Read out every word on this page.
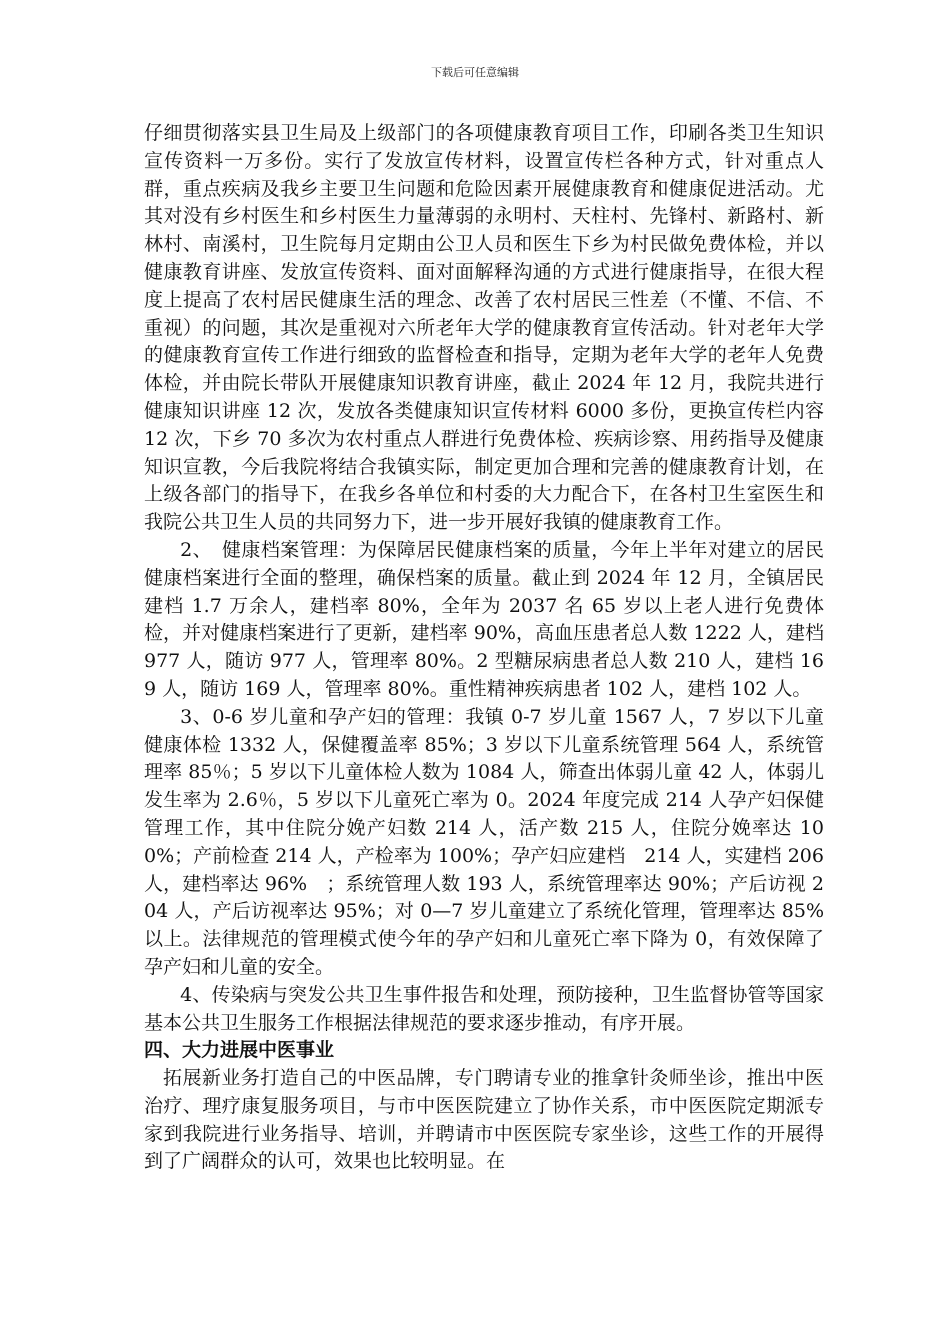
下载后可任意编辑

仔细贯彻落实县卫生局及上级部门的各项健康教育项目工作，印刷各类卫生知识宣传资料一万多份。实行了发放宣传材料，设置宣传栏各种方式，针对重点人群，重点疾病及我乡主要卫生问题和危险因素开展健康教育和健康促进活动。尤其对没有乡村医生和乡村医生力量薄弱的永明村、天柱村、先锋村、新路村、新林村、南溪村，卫生院每月定期由公卫人员和医生下乡为村民做免费体检，并以健康教育讲座、发放宣传资料、面对面解释沟通的方式进行健康指导，在很大程度上提高了农村居民健康生活的理念、改善了农村居民三性差（不懂、不信、不重视）的问题，其次是重视对六所老年大学的健康教育宣传活动。针对老年大学的健康教育宣传工作进行细致的监督检查和指导，定期为老年大学的老年人免费体检，并由院长带队开展健康知识教育讲座，截止 2024 年 12 月，我院共进行健康知识讲座 12 次，发放各类健康知识宣传材料 6000 多份，更换宣传栏内容 12 次，下乡 70 多次为农村重点人群进行免费体检、疾病诊察、用药指导及健康知识宣教，今后我院将结合我镇实际，制定更加合理和完善的健康教育计划，在上级各部门的指导下，在我乡各单位和村委的大力配合下，在各村卫生室医生和我院公共卫生人员的共同努力下，进一步开展好我镇的健康教育工作。

2、　健康档案管理：为保障居民健康档案的质量，今年上半年对建立的居民健康档案进行全面的整理，确保档案的质量。截止到 2024 年 12 月，全镇居民建档 1.7 万余人，建档率 80%，全年为 2037 名 65 岁以上老人进行免费体检，并对健康档案进行了更新，建档率 90%，高血压患者总人数 1222 人，建档 977 人，随访 977 人，管理率 80%。2 型糖尿病患者总人数 210 人，建档 169 人，随访 169 人，管理率 80%。重性精神疾病患者 102 人，建档 102 人。

3、0-6 岁儿童和孕产妇的管理：我镇 0-7 岁儿童 1567 人，7 岁以下儿童健康体检 1332 人，保健覆盖率 85%；3 岁以下儿童系统管理 564 人，系统管理率 85％；5 岁以下儿童体检人数为 1084 人，筛查出体弱儿童 42 人，体弱儿发生率为 2.6％，5 岁以下儿童死亡率为 0。2024 年度完成 214 人孕产妇保健管理工作，其中住院分娩产妇数 214 人，活产数 215 人，住院分娩率达 100%；产前检查 214 人，产检率为 100%；孕产妇应建档　214 人，实建档 206 人，建档率达 96%　；系统管理人数 193 人，系统管理率达 90%；产后访视 204 人，产后访视率达 95%；对 0—7 岁儿童建立了系统化管理，管理率达 85%以上。法律规范的管理模式使今年的孕产妇和儿童死亡率下降为 0，有效保障了孕产妇和儿童的安全。

4、传染病与突发公共卫生事件报告和处理，预防接种，卫生监督协管等国家基本公共卫生服务工作根据法律规范的要求逐步推动，有序开展。

四、大力进展中医事业

拓展新业务打造自己的中医品牌，专门聘请专业的推拿针灸师坐诊，推出中医治疗、理疗康复服务项目，与市中医医院建立了协作关系，市中医医院定期派专家到我院进行业务指导、培训，并聘请市中医医院专家坐诊，这些工作的开展得到了广阔群众的认可，效果也比较明显。在
